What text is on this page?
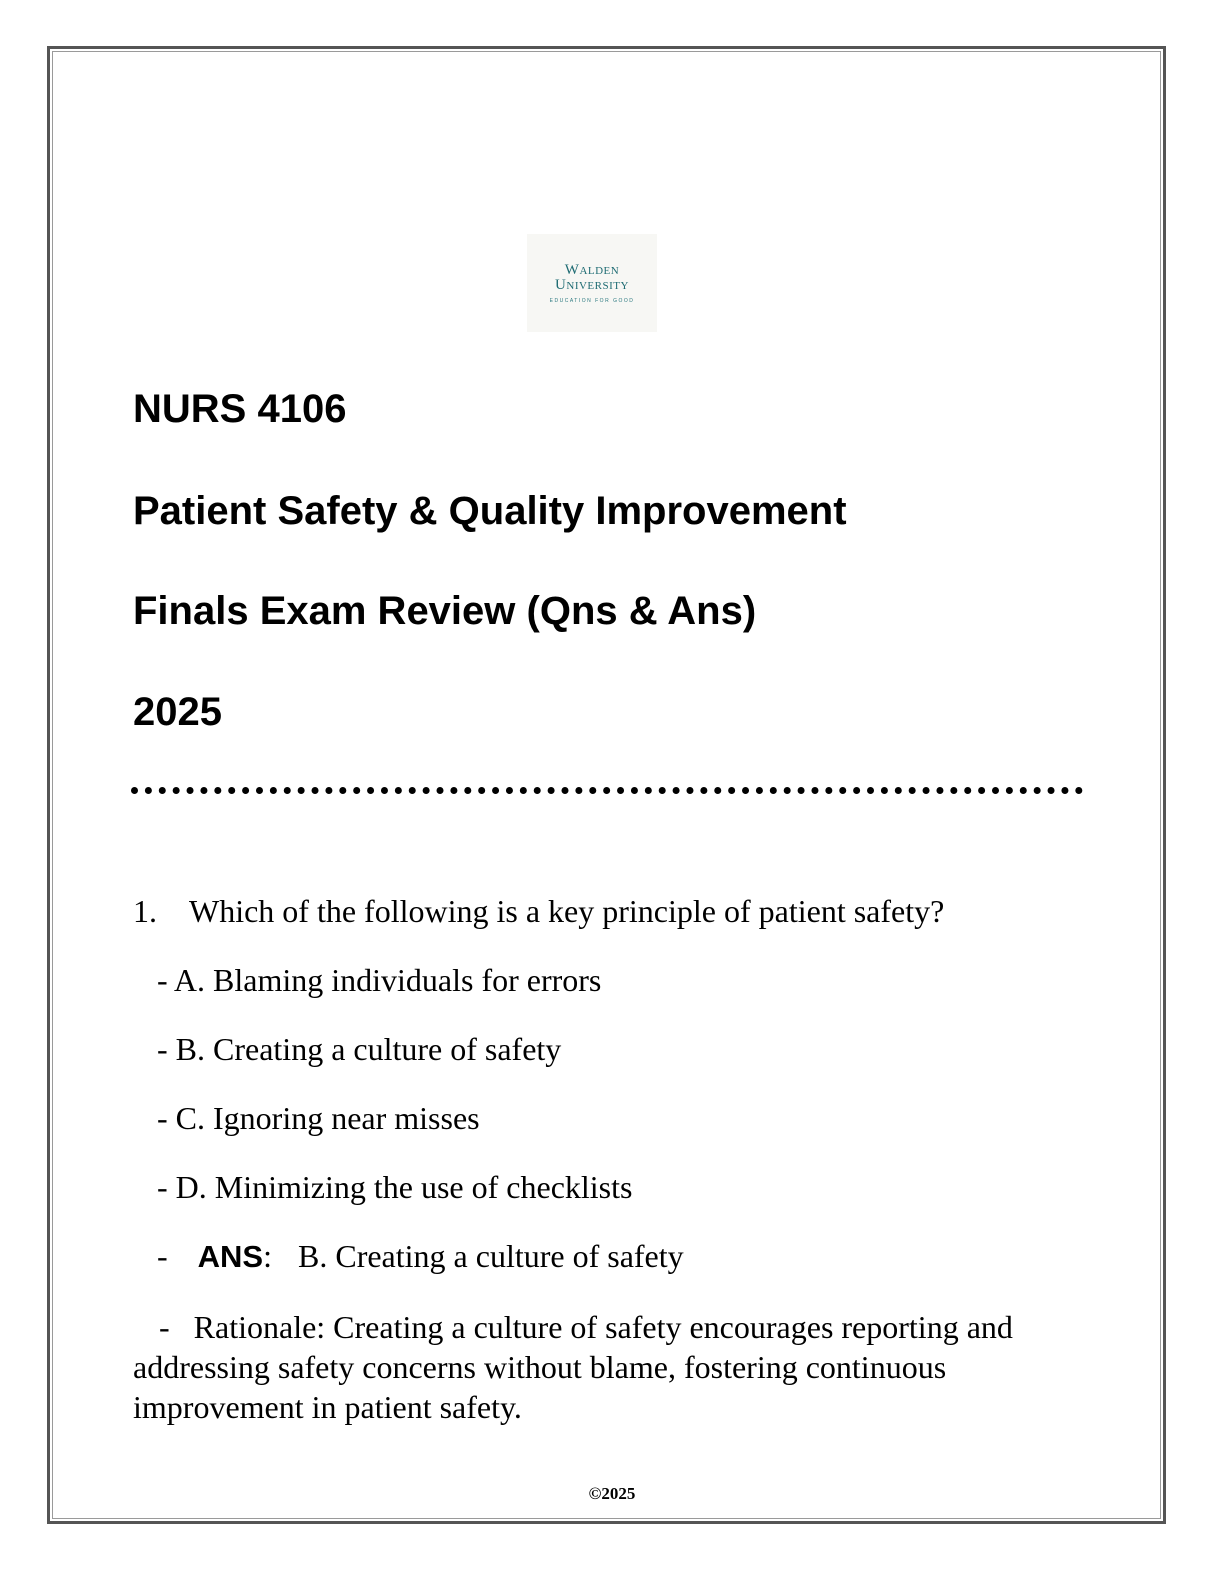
Walden
University
EDUCATION FOR GOOD
NURS 4106
Patient Safety & Quality Improvement
Finals Exam Review (Qns & Ans)
2025

1. Which of the following is a key principle of patient safety?

- A. Blaming individuals for errors

- B. Creating a culture of safety

- C. Ignoring near misses

- D. Minimizing the use of checklists

- ANS: B. Creating a culture of safety

-   Rationale: Creating a culture of safety encourages reporting and addressing safety concerns without blame, fostering continuous improvement in patient safety.

©2025
